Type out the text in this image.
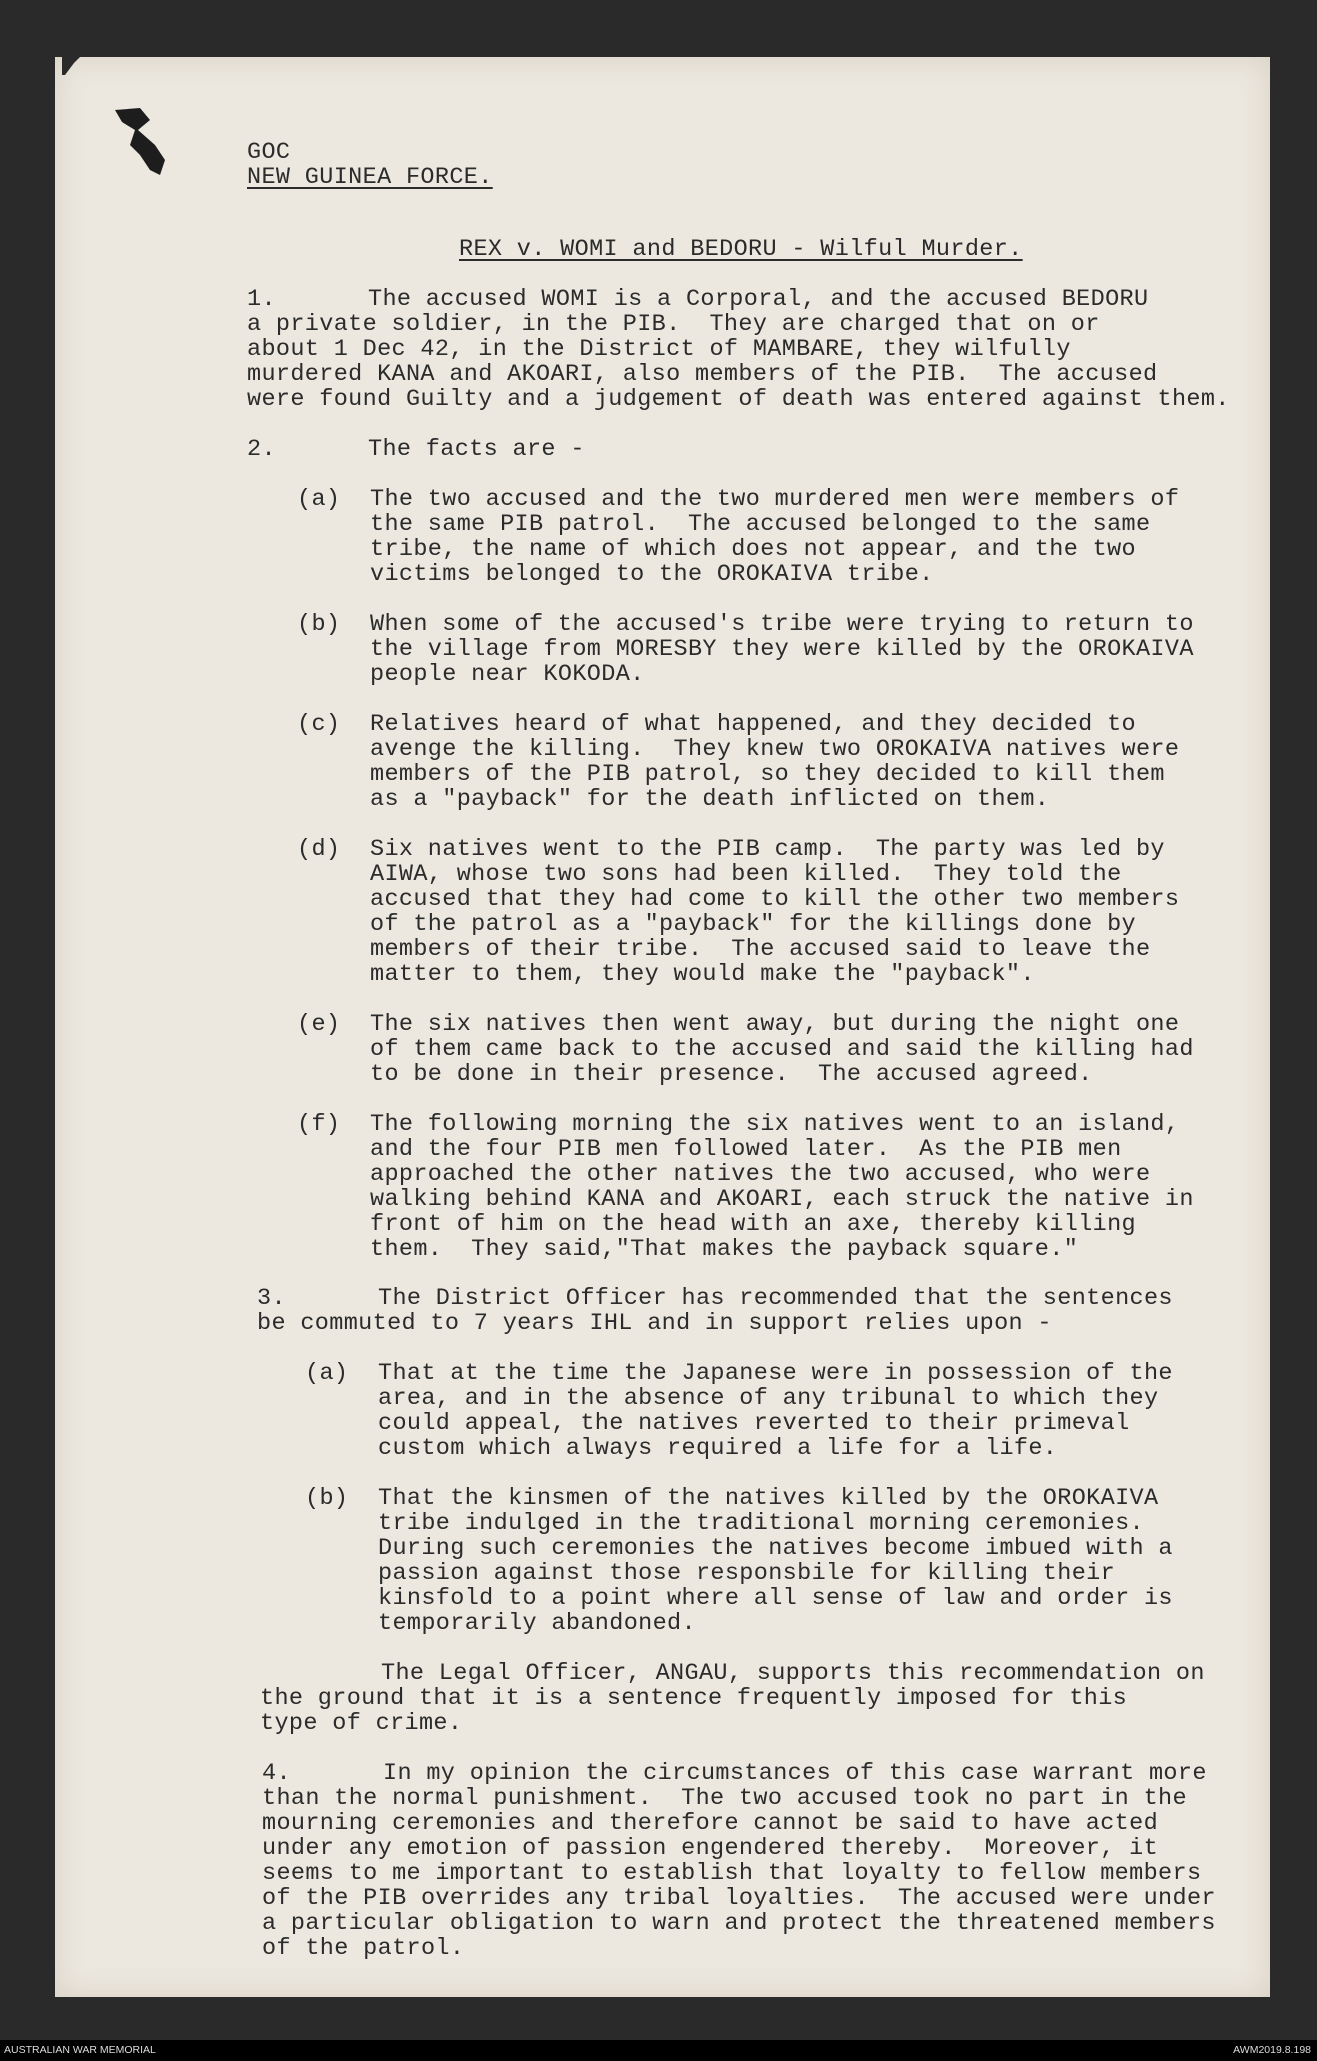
GOC
NEW GUINEA FORCE.
REX v. WOMI and BEDORU - Wilful Murder.
1.	The accused WOMI is a Corporal, and the accused BEDORU
a private soldier, in the PIB.  They are charged that on or
about 1 Dec 42, in the District of MAMBARE, they wilfully
murdered KANA and AKOARI, also members of the PIB.  The accused
were found Guilty and a judgement of death was entered against them.
2.	The facts are -
(a) The two accused and the two murdered men were members of
the same PIB patrol.  The accused belonged to the same
tribe, the name of which does not appear, and the two
victims belonged to the OROKAIVA tribe.
(b) When some of the accused's tribe were trying to return to
the village from MORESBY they were killed by the OROKAIVA
people near KOKODA.
(c) Relatives heard of what happened, and they decided to
avenge the killing.  They knew two OROKAIVA natives were
members of the PIB patrol, so they decided to kill them
as a "payback" for the death inflicted on them.
(d) Six natives went to the PIB camp.  The party was led by
AIWA, whose two sons had been killed.  They told the
accused that they had come to kill the other two members
of the patrol as a "payback" for the killings done by
members of their tribe.  The accused said to leave the
matter to them, they would make the "payback".
(e) The six natives then went away, but during the night one
of them came back to the accused and said the killing had
to be done in their presence.  The accused agreed.
(f) The following morning the six natives went to an island,
and the four PIB men followed later.  As the PIB men
approached the other natives the two accused, who were
walking behind KANA and AKOARI, each struck the native in
front of him on the head with an axe, thereby killing
them.  They said,"That makes the payback square."
3.	The District Officer has recommended that the sentences
be commuted to 7 years IHL and in support relies upon -
(a) That at the time the Japanese were in possession of the
area, and in the absence of any tribunal to which they
could appeal, the natives reverted to their primeval
custom which always required a life for a life.
(b) That the kinsmen of the natives killed by the OROKAIVA
tribe indulged in the traditional morning ceremonies.
During such ceremonies the natives become imbued with a
passion against those responsbile for killing their
kinsfold to a point where all sense of law and order is
temporarily abandoned.
The Legal Officer, ANGAU, supports this recommendation on
the ground that it is a sentence frequently imposed for this
type of crime.
4.	In my opinion the circumstances of this case warrant more
than the normal punishment.  The two accused took no part in the
mourning ceremonies and therefore cannot be said to have acted
under any emotion of passion engendered thereby.  Moreover, it
seems to me important to establish that loyalty to fellow members
of the PIB overrides any tribal loyalties.  The accused were under
a particular obligation to warn and protect the threatened members
of the patrol.
AUSTRALIAN WAR MEMORIAL	AWM2019.8.198
